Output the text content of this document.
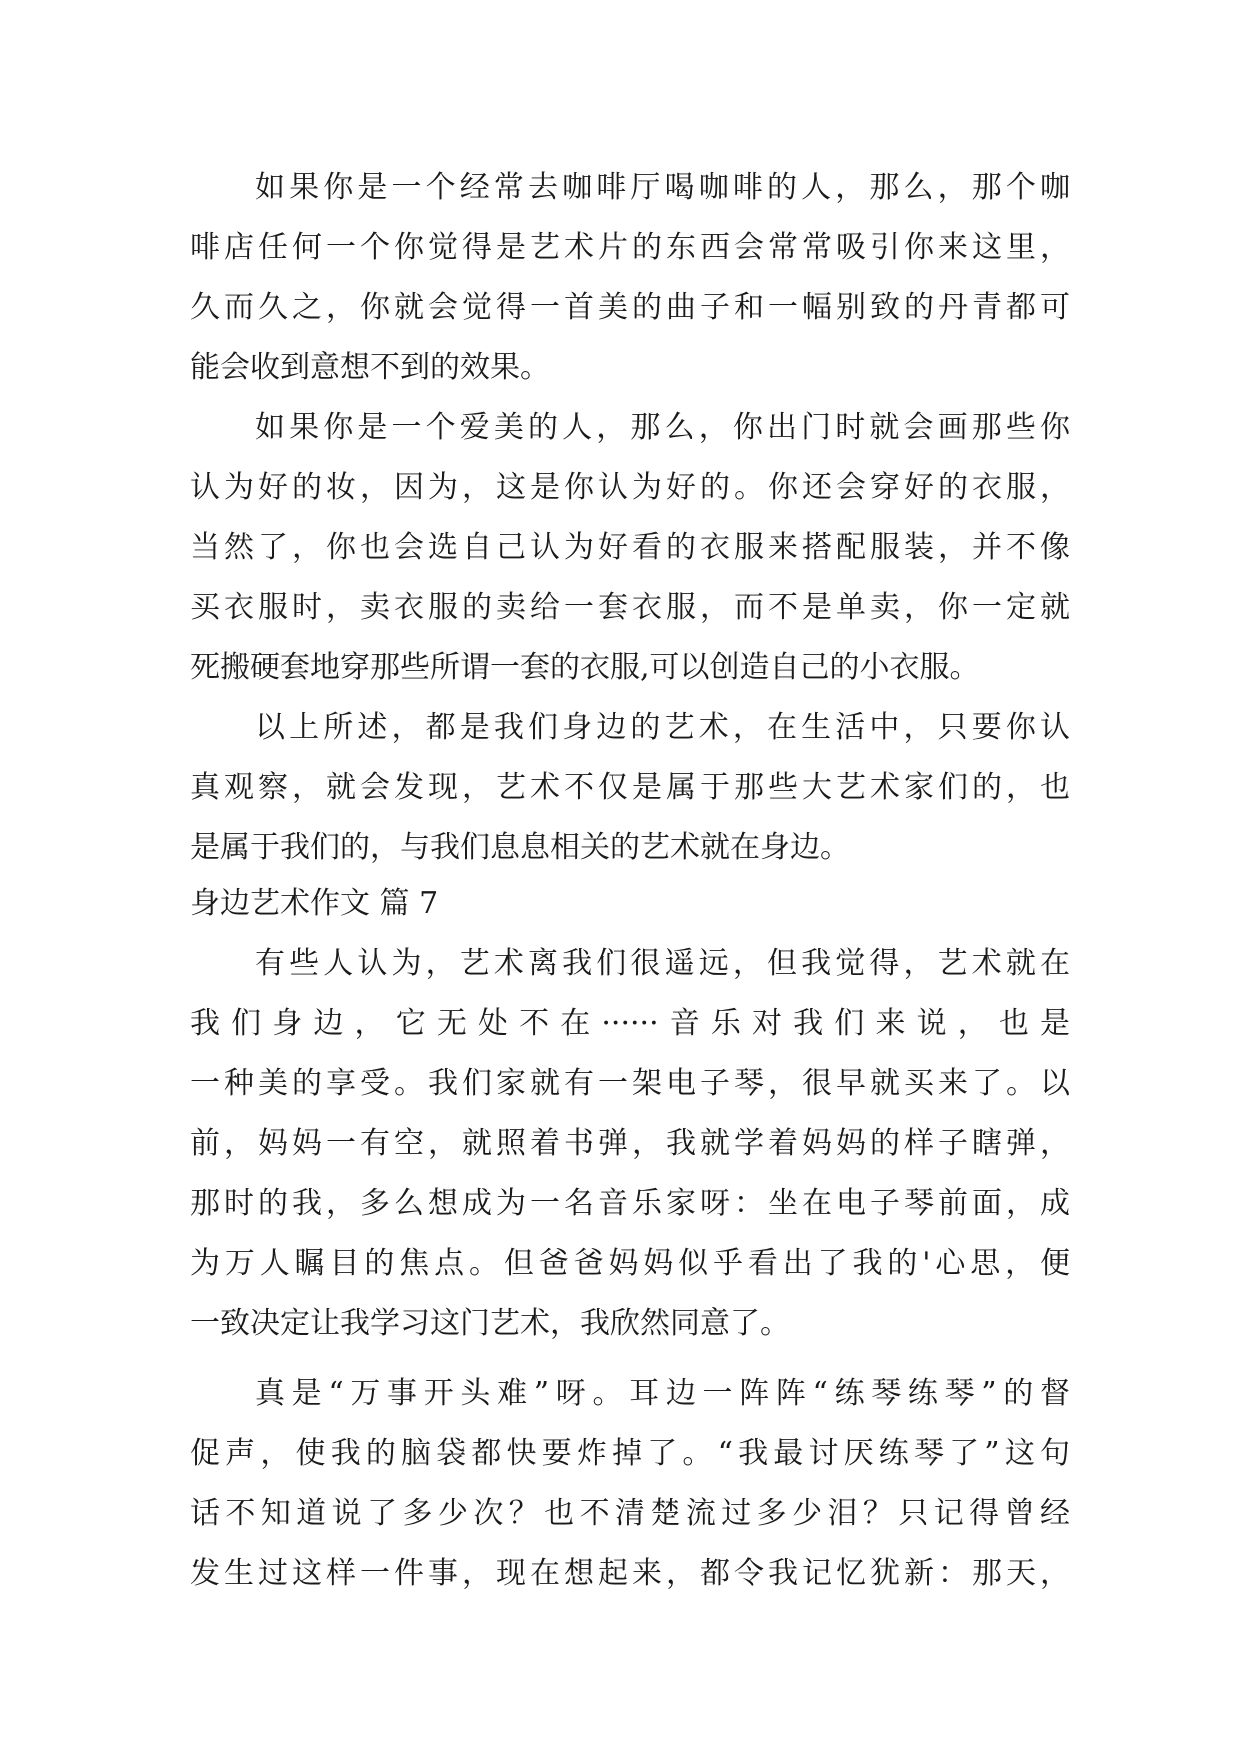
如果你是一个经常去咖啡厅喝咖啡的人，那么，那个咖
啡店任何一个你觉得是艺术片的东西会常常吸引你来这里，
久而久之，你就会觉得一首美的曲子和一幅别致的丹青都可
能会收到意想不到的效果。
如果你是一个爱美的人，那么，你出门时就会画那些你
认为好的妆，因为，这是你认为好的。你还会穿好的衣服，
当然了，你也会选自己认为好看的衣服来搭配服装，并不像
买衣服时，卖衣服的卖给一套衣服，而不是单卖，你一定就
死搬硬套地穿那些所谓一套的衣服,可以创造自己的小衣服。
以上所述，都是我们身边的艺术，在生活中，只要你认
真观察，就会发现，艺术不仅是属于那些大艺术家们的，也
是属于我们的，与我们息息相关的艺术就在身边。
身边艺术作文 篇 7
有些人认为，艺术离我们很遥远，但我觉得，艺术就在
我们身边，它无处不在······音乐对我们来说，也是
一种美的享受。我们家就有一架电子琴，很早就买来了。以
前，妈妈一有空，就照着书弹，我就学着妈妈的样子瞎弹，
那时的我，多么想成为一名音乐家呀：坐在电子琴前面，成
为万人瞩目的焦点。但爸爸妈妈似乎看出了我的'心思，便
一致决定让我学习这门艺术，我欣然同意了。
真是“万事开头难”呀。耳边一阵阵“练琴练琴”的督
促声，使我的脑袋都快要炸掉了。“我最讨厌练琴了”这句
话不知道说了多少次？也不清楚流过多少泪？只记得曾经
发生过这样一件事，现在想起来，都令我记忆犹新：那天，
